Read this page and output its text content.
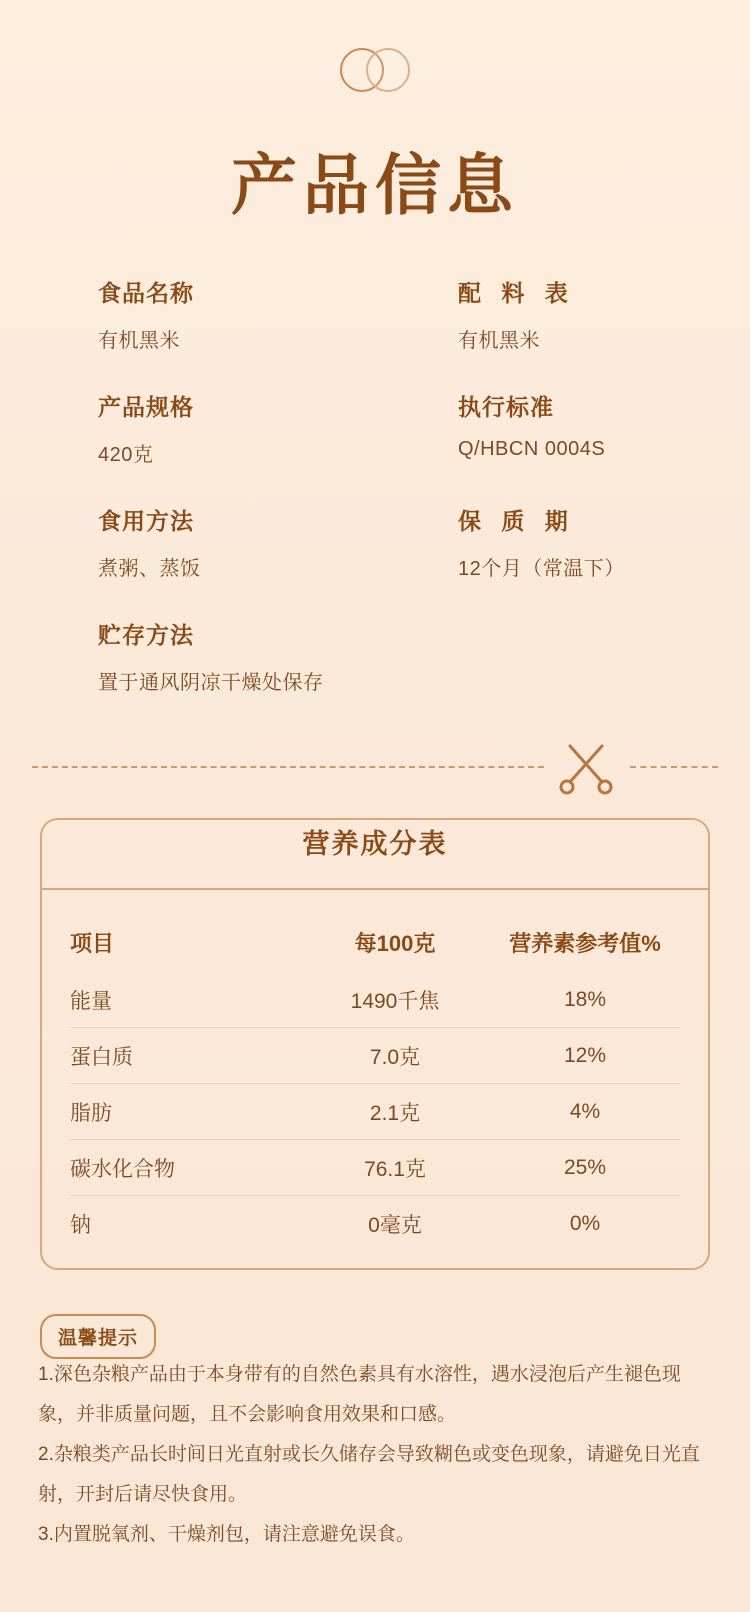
产品信息
食品名称
有机黑米
配 料 表
有机黑米
产品规格
420克
执行标准
Q/HBCN 0004S
食用方法
煮粥、蒸饭
保 质 期
12个月（常温下）
贮存方法
置于通风阴凉干燥处保存
营养成分表
项目	每100克	营养素参考值%
能量	1490千焦	18%
蛋白质	7.0克	12%
脂肪	2.1克	4%
碳水化合物	76.1克	25%
钠	0毫克	0%
温馨提示

1.深色杂粮产品由于本身带有的自然色素具有水溶性，遇水浸泡后产生褪色现象，并非质量问题，且不会影响食用效果和口感。

2.杂粮类产品长时间日光直射或长久储存会导致糊色或变色现象，请避免日光直射，开封后请尽快食用。

3.内置脱氧剂、干燥剂包，请注意避免误食。
